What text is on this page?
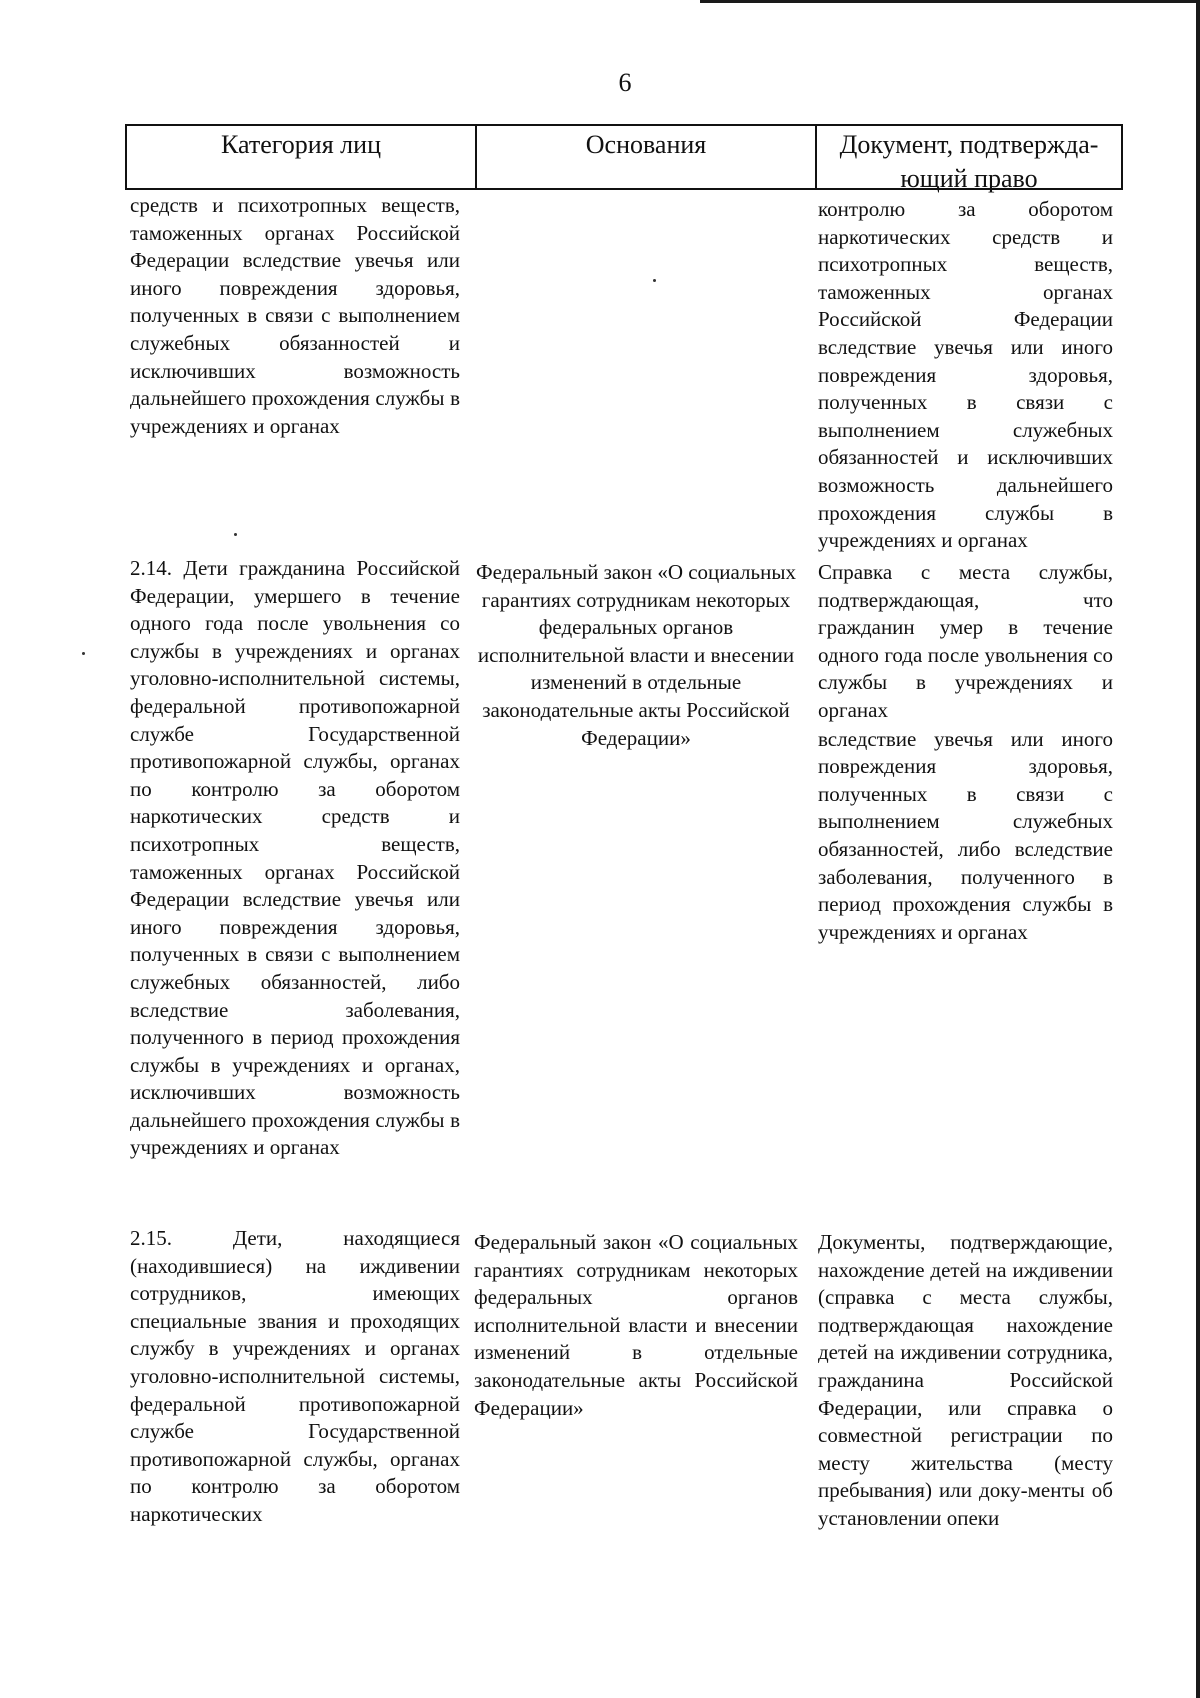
6
Категория лиц	Основания	Документ, подтвержда-
ющий право

средств и психотропных веществ, таможенных органах Российской Федерации вследствие увечья или иного повреждения здоровья, полученных в связи с выполнением служебных обязанностей и исключивших возможность дальнейшего прохождения службы в учреждениях и органах

контролю за оборотом наркотических средств и психотропных веществ, таможенных органах Российской Федерации вследствие увечья или иного повреждения здоровья, полученных в связи с выполнением служебных обязанностей и исключивших возможность дальнейшего прохождения службы в учреждениях и органах

2.14. Дети гражданина Российской Федерации, умершего в течение одного года после увольнения со службы в учреждениях и органах уголовно-исполнительной системы, федеральной противопожарной службе Государственной противопожарной службы, органах по контролю за оборотом наркотических средств и психотропных веществ, таможенных органах Российской Федерации вследствие увечья или иного повреждения здоровья, полученных в связи с выполнением служебных обязанностей, либо вследствие заболевания, полученного в период прохождения службы в учреждениях и органах, исключивших возможность дальнейшего прохождения службы в учреждениях и органах

Федеральный закон «О социальных гарантиях сотрудникам некоторых федеральных органов исполнительной власти и внесении изменений в отдельные законодательные акты Российской Федерации»

Справка с места службы, подтверждающая, что гражданин умер в течение одного года после увольнения со службы в учреждениях и органах

вследствие увечья или иного повреждения здоровья, полученных в связи с выполнением служебных обязанностей, либо вследствие заболевания, полученного в период прохождения службы в учреждениях и органах

2.15. Дети, находящиеся (находившиеся) на иждивении сотрудников, имеющих специальные звания и проходящих службу в учреждениях и органах уголовно-исполнительной системы, федеральной противопожарной службе Государственной противопожарной службы, органах по контролю за оборотом наркотических

Федеральный закон «О социальных гарантиях сотрудникам некоторых федеральных органов исполнительной власти и внесении изменений в отдельные законодательные акты Российской Федерации»

Документы, подтверждающие, нахождение детей на иждивении (справка с места службы, подтверждающая нахождение детей на иждивении сотрудника, гражданина Российской Федерации, или справка о совместной регистрации по месту жительства (месту пребывания) или доку-менты об установлении опеки
